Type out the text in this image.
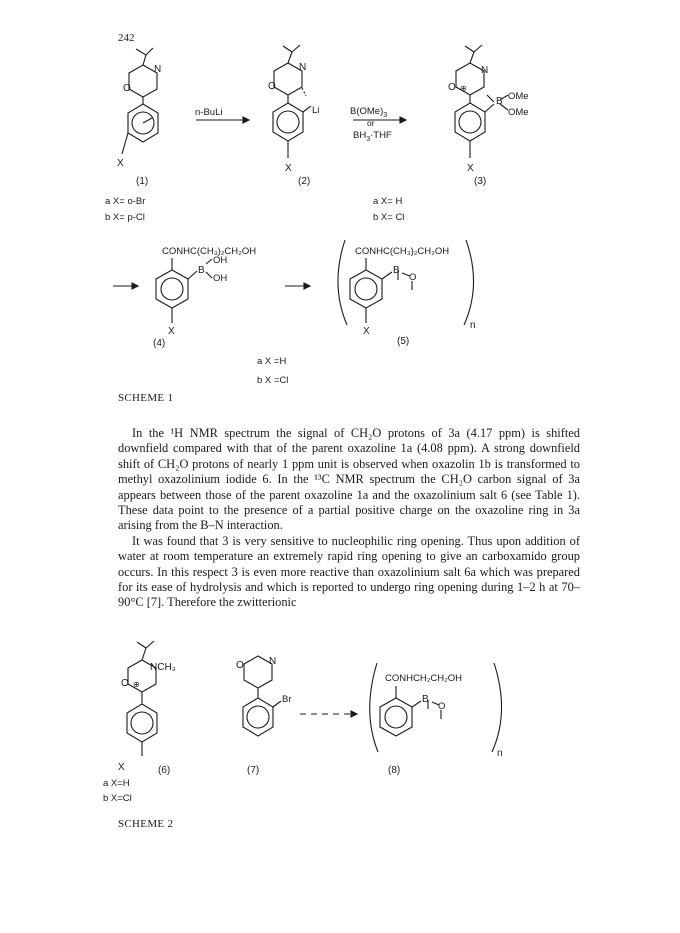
242
O
N
X
(1)
a X= o-Br
b X= p-Cl
n-BuLi
O
N
Li
X
(2)
$B(OMe)_3$
or
$BH_3\cdot THF$
O ⊕
N
B OMe
OMe
X
(3)
a X= H
b X= Cl
CONHC(CH₃)₂CH₂OH
OH
B
OH
X
(4)
CONHC(CH₃)₂CH₂OH
B
O
X
(5)
n
a X =H
b X =Cl
O ⊕
NCH₃
X	(6)
a X=H
b X=Cl
O	N
Br
(7)
CONHCH₂CH₂OH
B
O
(8)
n
SCHEME 1

In the ¹H NMR spectrum the signal of CH₂O protons of 3a (4.17 ppm) is shifted downfield compared with that of the parent oxazoline 1a (4.08 ppm). A strong downfield shift of CH₂O protons of nearly 1 ppm unit is observed when oxazolin 1b is transformed to methyl oxazolinium iodide 6. In the ¹³C NMR spectrum the CH₂O carbon signal of 3a appears between those of the parent oxazoline 1a and the oxazolinium salt 6 (see Table 1). These data point to the presence of a partial positive charge on the oxazoline ring in 3a arising from the B–N interaction.

It was found that 3 is very sensitive to nucleophilic ring opening. Thus upon addition of water at room temperature an extremely rapid ring opening to give an carboxamido group occurs. In this respect 3 is even more reactive than oxazolinium salt 6a which was prepared for its ease of hydrolysis and which is reported to undergo ring opening during 1–2 h at 70–90°C [7]. Therefore the zwitterionic

SCHEME 2
